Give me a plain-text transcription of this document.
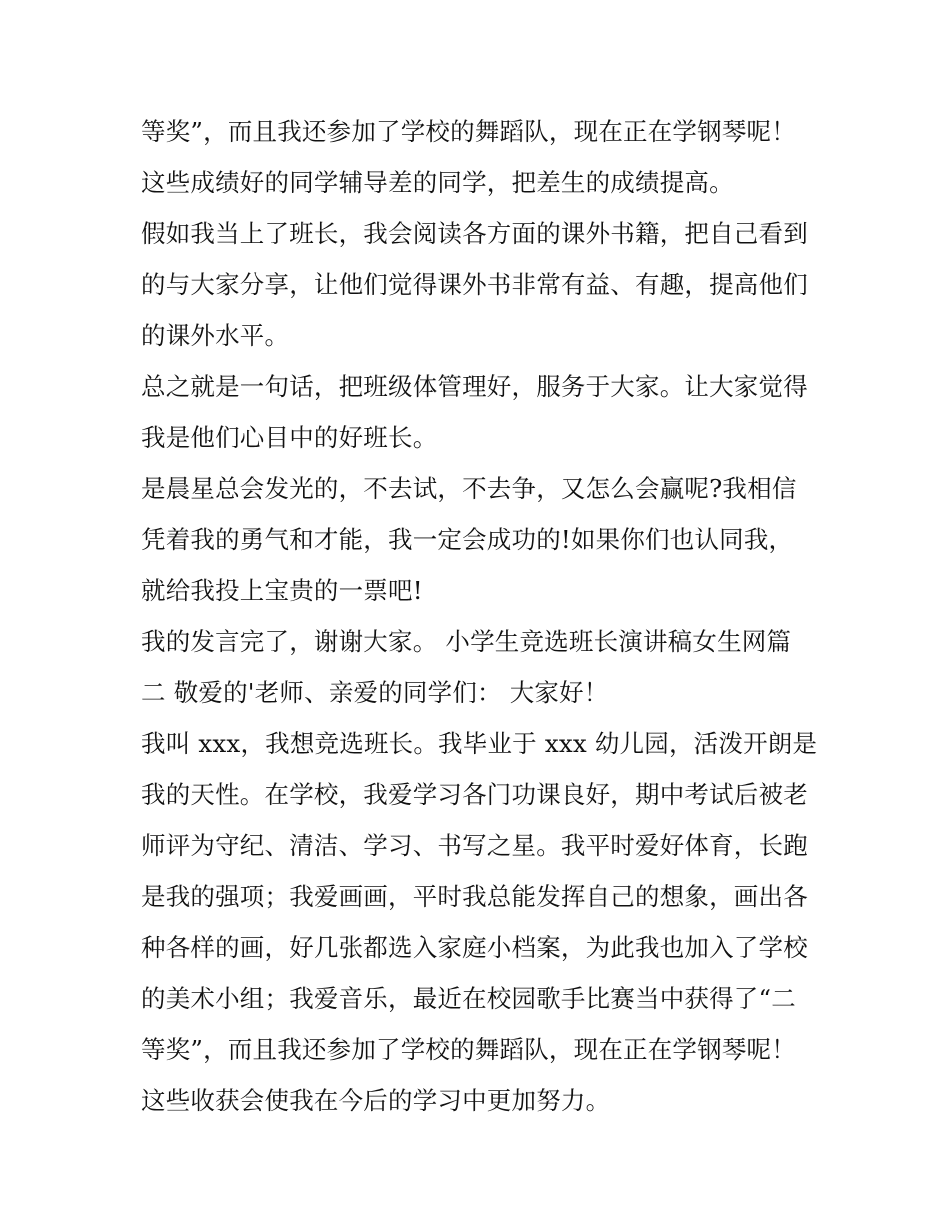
等奖”，而且我还参加了学校的舞蹈队，现在正在学钢琴呢！
这些成绩好的同学辅导差的同学，把差生的成绩提高。
假如我当上了班长，我会阅读各方面的课外书籍，把自己看到
的与大家分享，让他们觉得课外书非常有益、有趣，提高他们
的课外水平。
总之就是一句话，把班级体管理好，服务于大家。让大家觉得
我是他们心目中的好班长。
是晨星总会发光的，不去试，不去争，又怎么会赢呢?我相信
凭着我的勇气和才能，我一定会成功的!如果你们也认同我，
就给我投上宝贵的一票吧!
我的发言完了，谢谢大家。 小学生竞选班长演讲稿女生网篇
二 敬爱的'老师、亲爱的同学们： 大家好！
我叫 xxx，我想竞选班长。我毕业于 xxx 幼儿园，活泼开朗是
我的天性。在学校，我爱学习各门功课良好，期中考试后被老
师评为守纪、清洁、学习、书写之星。我平时爱好体育，长跑
是我的强项；我爱画画，平时我总能发挥自己的想象，画出各
种各样的画，好几张都选入家庭小档案，为此我也加入了学校
的美术小组；我爱音乐，最近在校园歌手比赛当中获得了“二
等奖”，而且我还参加了学校的舞蹈队，现在正在学钢琴呢！
这些收获会使我在今后的学习中更加努力。
